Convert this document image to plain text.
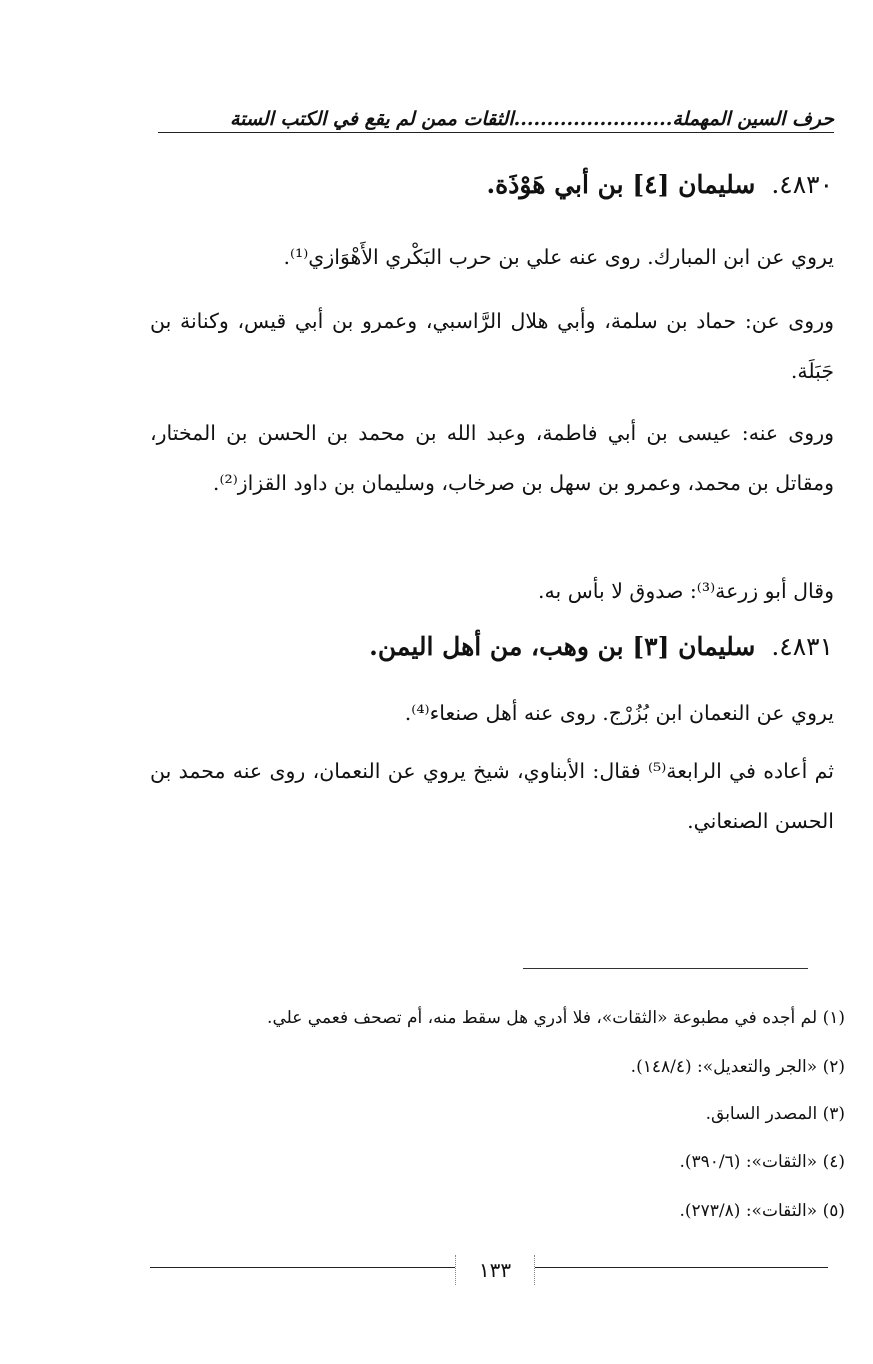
حرف السين المهملة
........................الثقات ممن لم يقع في الكتب الستة
٤٨٣٠.سليمان [٤] بن أبي هَوْذَة.

يروي عن ابن المبارك. روى عنه علي بن حرب البَكْري الأَهْوَازي⁽¹⁾.

وروى عن: حماد بن سلمة، وأبي هلال الرَّاسبي، وعمرو بن أبي قيس، وكنانة بن جَبَلَة.

وروى عنه: عيسى بن أبي فاطمة، وعبد الله بن محمد بن الحسن بن المختار، ومقاتل بن محمد، وعمرو بن سهل بن صرخاب، وسليمان بن داود القزاز⁽²⁾.

وقال أبو زرعة⁽³⁾: صدوق لا بأس به.

٤٨٣١.سليمان [٣] بن وهب، من أهل اليمن.

يروي عن النعمان ابن بُزُرْج. روى عنه أهل صنعاء⁽⁴⁾.

ثم أعاده في الرابعة⁽⁵⁾ فقال: الأبناوي، شيخ يروي عن النعمان، روى عنه محمد بن الحسن الصنعاني.

(١) لم أجده في مطبوعة «الثقات»، فلا أدري هل سقط منه، أم تصحف فعمي علي.
(٢) «الجر والتعديل»: (١٤٨/٤).
(٣) المصدر السابق.
(٤) «الثقات»: (٣٩٠/٦).
(٥) «الثقات»: (٢٧٣/٨).
١٣٣
